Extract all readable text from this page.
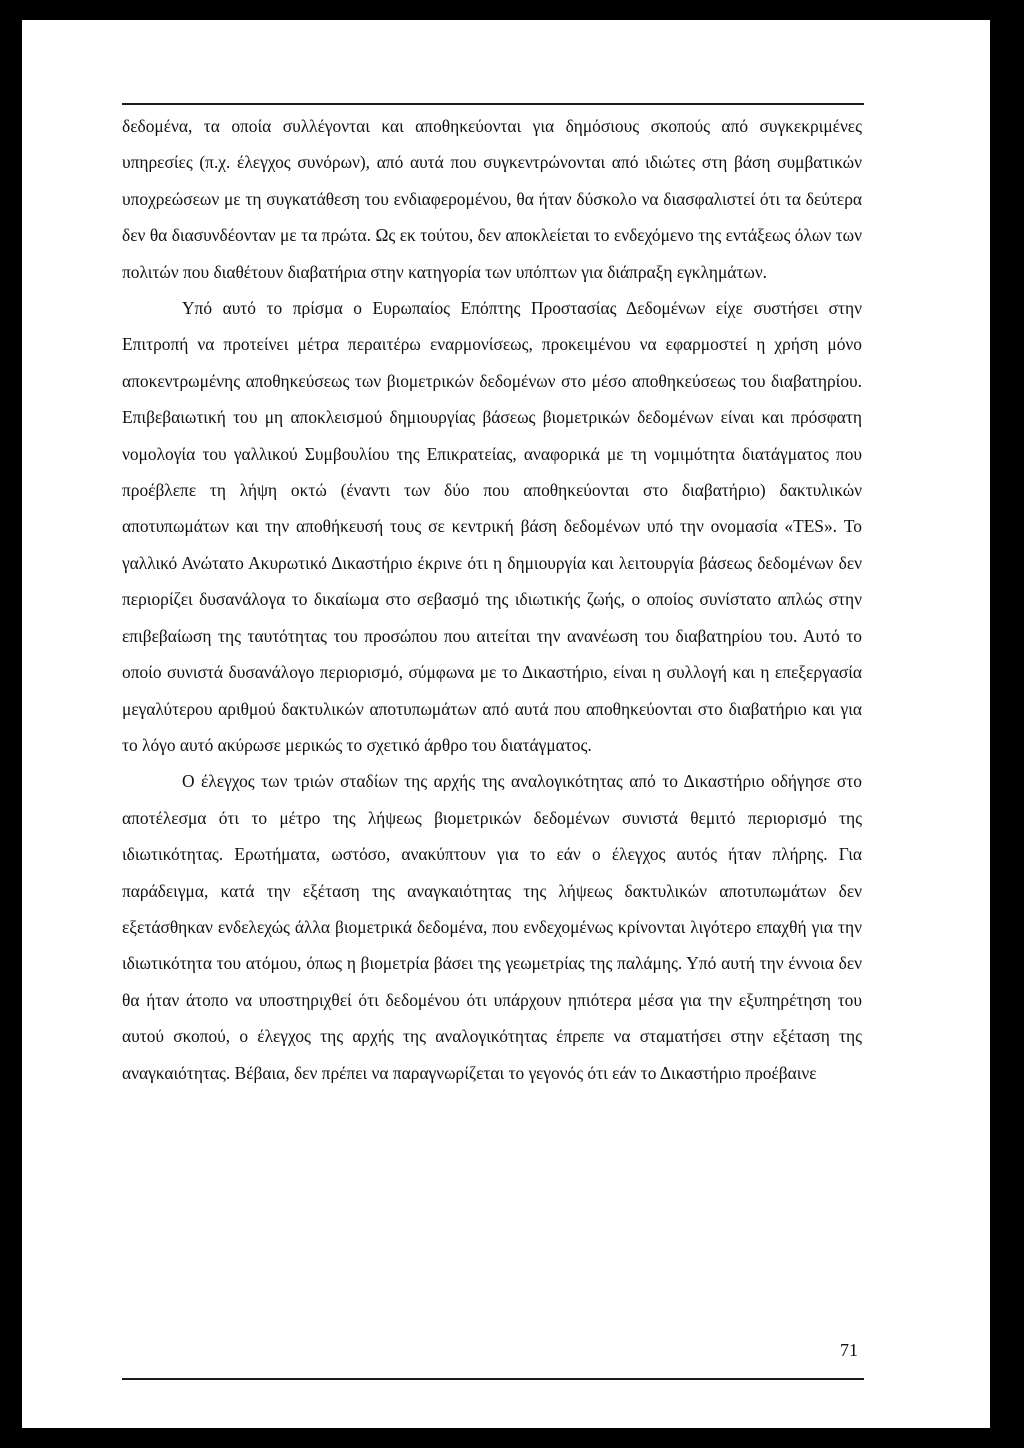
δεδομένα, τα οποία συλλέγονται και αποθηκεύονται για δημόσιους σκοπούς από συγκεκριμένες υπηρεσίες (π.χ. έλεγχος συνόρων), από αυτά που συγκεντρώνονται από ιδιώτες στη βάση συμβατικών υποχρεώσεων με τη συγκατάθεση του ενδιαφερομένου, θα ήταν δύσκολο να διασφαλιστεί ότι τα δεύτερα δεν θα διασυνδέονταν με τα πρώτα. Ως εκ τούτου, δεν αποκλείεται το ενδεχόμενο της εντάξεως όλων των πολιτών που διαθέτουν διαβατήρια στην κατηγορία των υπόπτων για διάπραξη εγκλημάτων.

Υπό αυτό το πρίσμα ο Ευρωπαίος Επόπτης Προστασίας Δεδομένων είχε συστήσει στην Επιτροπή να προτείνει μέτρα περαιτέρω εναρμονίσεως, προκειμένου να εφαρμοστεί η χρήση μόνο αποκεντρωμένης αποθηκεύσεως των βιομετρικών δεδομένων στο μέσο αποθηκεύσεως του διαβατηρίου. Επιβεβαιωτική του μη αποκλεισμού δημιουργίας βάσεως βιομετρικών δεδομένων είναι και πρόσφατη νομολογία του γαλλικού Συμβουλίου της Επικρατείας, αναφορικά με τη νομιμότητα διατάγματος που προέβλεπε τη λήψη οκτώ (έναντι των δύο που αποθηκεύονται στο διαβατήριο) δακτυλικών αποτυπωμάτων και την αποθήκευσή τους σε κεντρική βάση δεδομένων υπό την ονομασία «TES». Το γαλλικό Ανώτατο Ακυρωτικό Δικαστήριο έκρινε ότι η δημιουργία και λειτουργία βάσεως δεδομένων δεν περιορίζει δυσανάλογα το δικαίωμα στο σεβασμό της ιδιωτικής ζωής, ο οποίος συνίστατο απλώς στην επιβεβαίωση της ταυτότητας του προσώπου που αιτείται την ανανέωση του διαβατηρίου του. Αυτό το οποίο συνιστά δυσανάλογο περιορισμό, σύμφωνα με το Δικαστήριο, είναι η συλλογή και η επεξεργασία μεγαλύτερου αριθμού δακτυλικών αποτυπωμάτων από αυτά που αποθηκεύονται στο διαβατήριο και για το λόγο αυτό ακύρωσε μερικώς το σχετικό άρθρο του διατάγματος.

Ο έλεγχος των τριών σταδίων της αρχής της αναλογικότητας από το Δικαστήριο οδήγησε στο αποτέλεσμα ότι το μέτρο της λήψεως βιομετρικών δεδομένων συνιστά θεμιτό περιορισμό της ιδιωτικότητας. Ερωτήματα, ωστόσο, ανακύπτουν για το εάν ο έλεγχος αυτός ήταν πλήρης. Για παράδειγμα, κατά την εξέταση της αναγκαιότητας της λήψεως δακτυλικών αποτυπωμάτων δεν εξετάσθηκαν ενδελεχώς άλλα βιομετρικά δεδομένα, που ενδεχομένως κρίνονται λιγότερο επαχθή για την ιδιωτικότητα του ατόμου, όπως η βιομετρία βάσει της γεωμετρίας της παλάμης. Υπό αυτή την έννοια δεν θα ήταν άτοπο να υποστηριχθεί ότι δεδομένου ότι υπάρχουν ηπιότερα μέσα για την εξυπηρέτηση του αυτού σκοπού, ο έλεγχος της αρχής της αναλογικότητας έπρεπε να σταματήσει στην εξέταση της αναγκαιότητας. Βέβαια, δεν πρέπει να παραγνωρίζεται το γεγονός ότι εάν το Δικαστήριο προέβαινε

71
